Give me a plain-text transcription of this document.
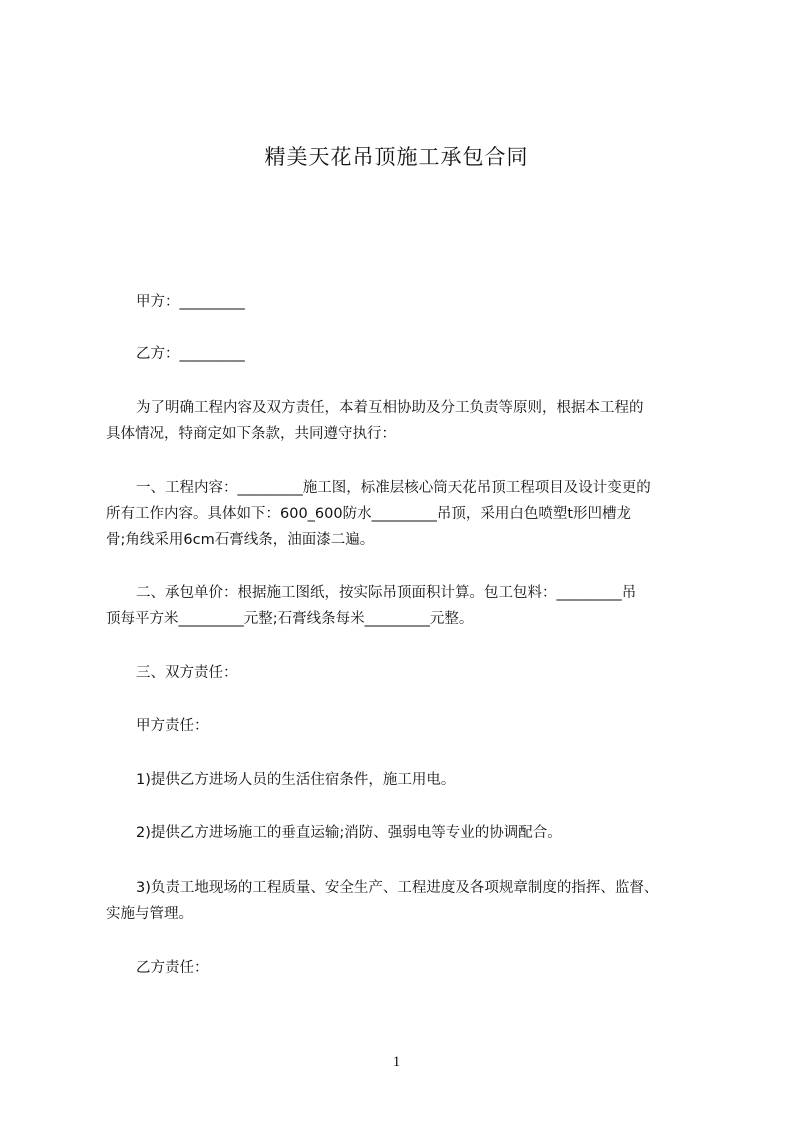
精美天花吊顶施工承包合同
甲方：_________
乙方：_________
为了明确工程内容及双方责任，本着互相协助及分工负责等原则，根据本工程的
具体情况，特商定如下条款，共同遵守执行：
一、工程内容：_________施工图，标准层核心筒天花吊顶工程项目及设计变更的
所有工作内容。具体如下：600_600防水_________吊顶，采用白色喷塑t形凹槽龙
骨;角线采用6cm石膏线条，油面漆二遍。
二、承包单价：根据施工图纸，按实际吊顶面积计算。包工包料：_________吊
顶每平方米_________元整;石膏线条每米_________元整。
三、双方责任：
甲方责任：
1)提供乙方进场人员的生活住宿条件，施工用电。
2)提供乙方进场施工的垂直运输;消防、强弱电等专业的协调配合。
3)负责工地现场的工程质量、安全生产、工程进度及各项规章制度的指挥、监督、
实施与管理。
乙方责任：
1
